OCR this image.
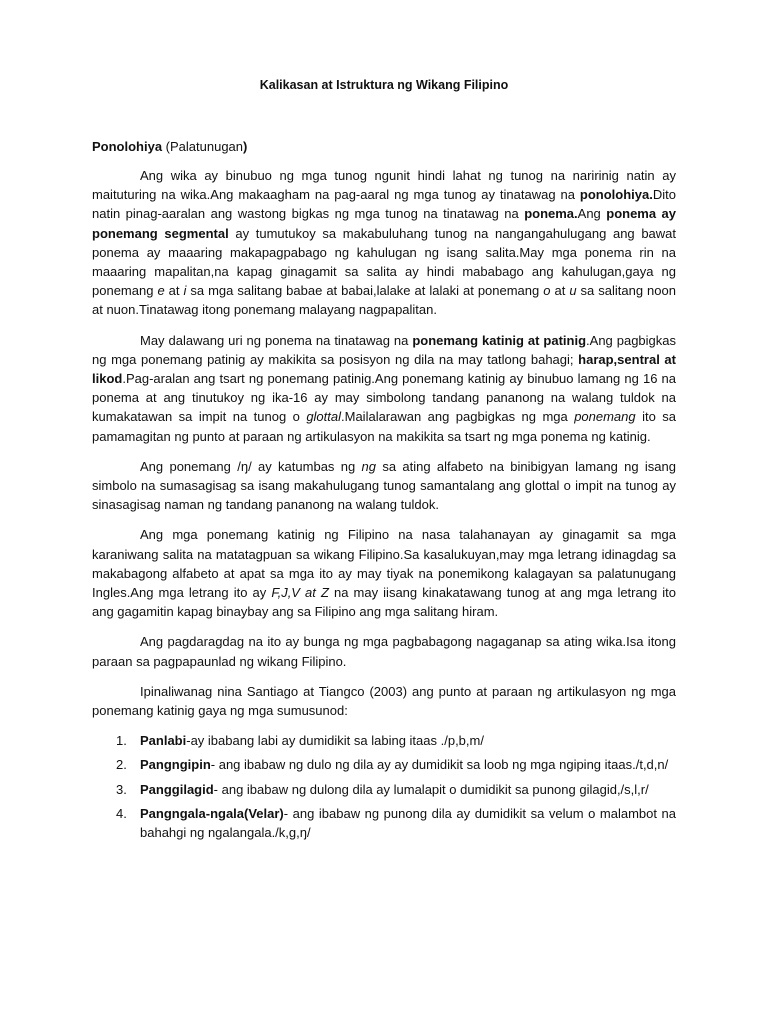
Kalikasan at Istruktura ng Wikang Filipino
Ponolohiya (Palatunugan)

Ang wika ay binubuo ng mga tunog ngunit hindi lahat ng tunog na naririnig natin ay maituturing na wika.Ang makaagham na pag-aaral ng mga tunog ay tinatawag na ponolohiya.Dito natin pinag-aaralan ang wastong bigkas ng mga tunog na tinatawag na ponema.Ang ponema ay ponemang segmental ay tumutukoy sa makabuluhang tunog na nangangahulugang ang bawat ponema ay maaaring makapagpabago ng kahulugan ng isang salita.May mga ponema rin na maaaring mapalitan,na kapag ginagamit sa salita ay hindi mababago ang kahulugan,gaya ng ponemang e at i sa mga salitang babae at babai,lalake at lalaki at ponemang o at u sa salitang noon at nuon.Tinatawag itong ponemang malayang nagpapalitan.

May dalawang uri ng ponema na tinatawag na ponemang katinig at patinig.Ang pagbigkas ng mga ponemang patinig ay makikita sa posisyon ng dila na may tatlong bahagi; harap,sentral at likod.Pag-aralan ang tsart ng ponemang patinig.Ang ponemang katinig ay binubuo lamang ng 16 na ponema at ang tinutukoy ng ika-16 ay may simbolong tandang pananong na walang tuldok na kumakatawan sa impit na tunog o glottal.Mailalarawan ang pagbigkas ng mga ponemang ito sa pamamagitan ng punto at paraan ng artikulasyon na makikita sa tsart ng mga ponema ng katinig.

Ang ponemang /ŋ/ ay katumbas ng ng sa ating alfabeto na binibigyan lamang ng isang simbolo na sumasagisag sa isang makahulugang tunog samantalang ang glottal o impit na tunog ay sinasagisag naman ng tandang pananong na walang tuldok.

Ang mga ponemang katinig ng Filipino na nasa talahanayan ay ginagamit sa mga karaniwang salita na matatagpuan sa wikang Filipino.Sa kasalukuyan,may mga letrang idinagdag sa makabagong alfabeto at apat sa mga ito ay may tiyak na ponemikong kalagayan sa palatunugang Ingles.Ang mga letrang ito ay F,J,V at Z na may iisang kinakatawang tunog at ang mga letrang ito ang gagamitin kapag binaybay ang sa Filipino ang mga salitang hiram.

Ang pagdaragdag na ito ay bunga ng mga pagbabagong nagaganap sa ating wika.Isa itong paraan sa pagpapaunlad ng wikang Filipino.

Ipinaliwanag nina Santiago at Tiangco (2003) ang punto at paraan ng artikulasyon ng mga ponemang katinig gaya ng mga sumusunod:

1. Panlabi-ay ibabang labi ay dumidikit sa labing itaas ./p,b,m/
2. Pangngipin- ang ibabaw ng dulo ng dila ay ay dumidikit sa loob ng mga ngiping itaas./t,d,n/
3. Panggilagid- ang ibabaw ng dulong dila ay lumalapit o dumidikit sa punong gilagid,/s,l,r/
4. Pangngala-ngala(Velar)- ang ibabaw ng punong dila ay dumidikit sa velum o malambot na bahahgi ng ngalangala./k,g,ŋ/
